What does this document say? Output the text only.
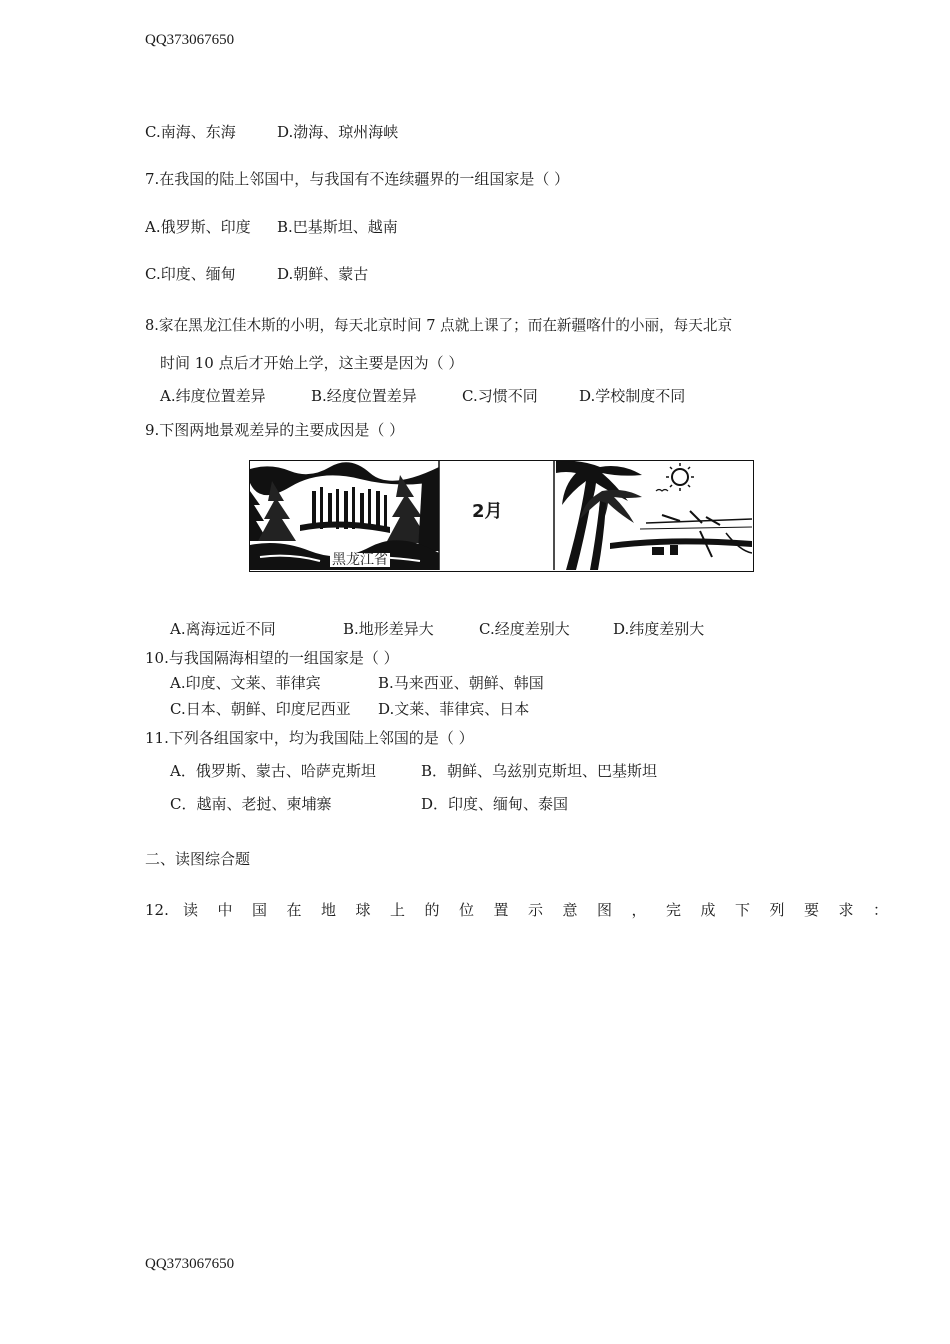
QQ373067650
C.南海、东海	D.渤海、琼州海峡
7.在我国的陆上邻国中，与我国有不连续疆界的一组国家是（ ）
A.俄罗斯、印度 B.巴基斯坦、越南
C.印度、缅甸	D.朝鲜、蒙古
8.家在黑龙江佳木斯的小明，每天北京时间 7 点就上课了；而在新疆喀什的小丽，每天北京
时间 10 点后才开始上学，这主要是因为（ ）
A.纬度位置差异	B.经度位置差异	C.习惯不同	D.学校制度不同
9.下图两地景观差异的主要成因是（ ）
2月
黑龙江省
A.离海远近不同	B.地形差异大	C.经度差别大	D.纬度差别大
10.与我国隔海相望的一组国家是（ ）
A.印度、文莱、菲律宾	B.马来西亚、朝鲜、韩国
C.日本、朝鲜、印度尼西亚 D.文莱、菲律宾、日本
11.下列各组国家中，均为我国陆上邻国的是（ ）
A．俄罗斯、蒙古、哈萨克斯坦	B．朝鲜、乌兹别克斯坦、巴基斯坦
C．越南、老挝、柬埔寨	D．印度、缅甸、泰国
二、读图综合题
12. 读中国在地球上的位置示意图，完成下列要求：
QQ373067650
